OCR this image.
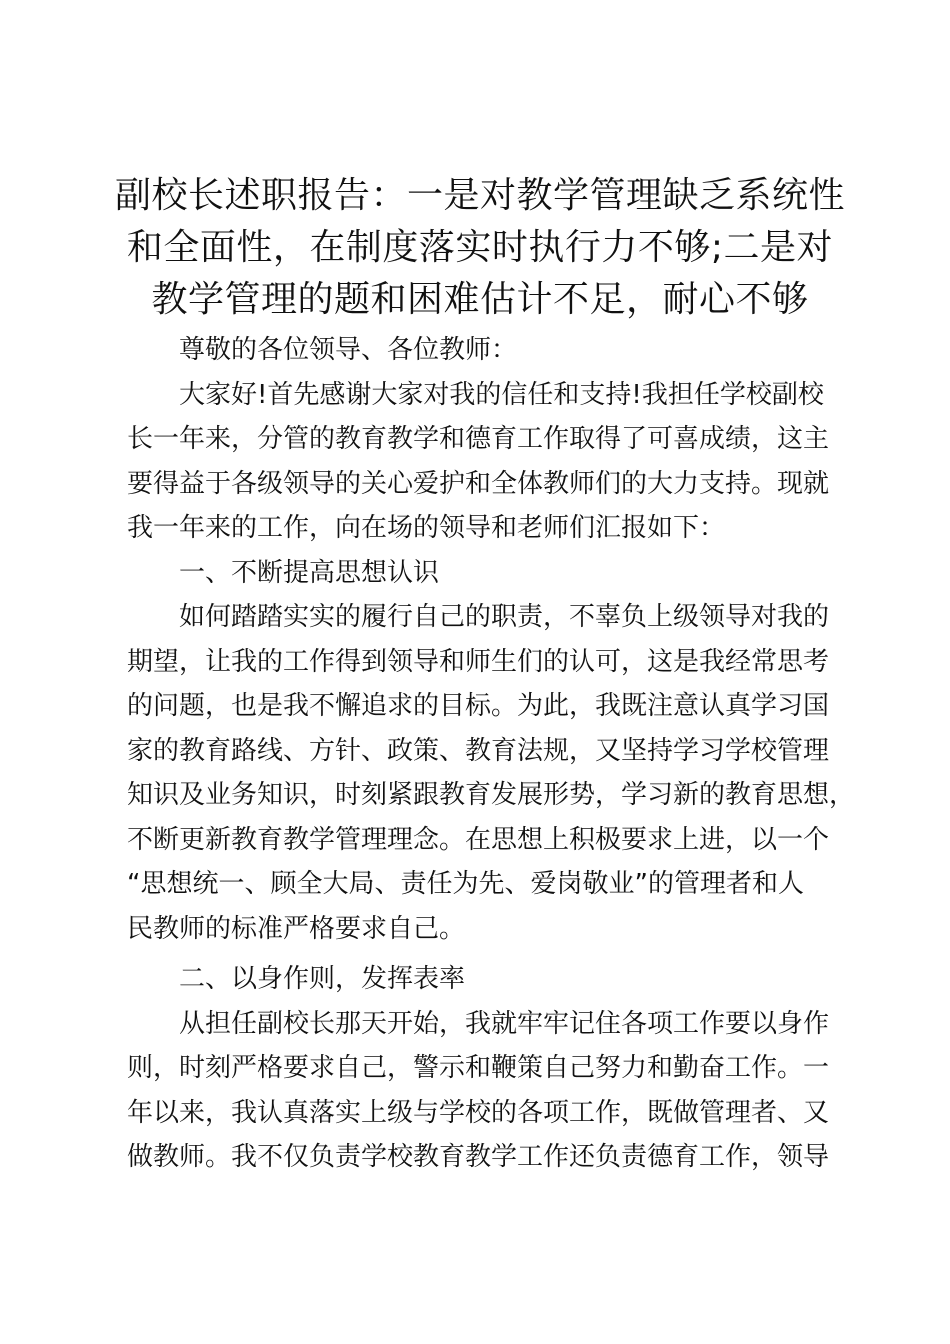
副校长述职报告：一是对教学管理缺乏系统性
和全面性，在制度落实时执行力不够;二是对
教学管理的题和困难估计不足，耐心不够
尊敬的各位领导、各位教师：
大家好!首先感谢大家对我的信任和支持!我担任学校副校
长一年来，分管的教育教学和德育工作取得了可喜成绩，这主
要得益于各级领导的关心爱护和全体教师们的大力支持。现就
我一年来的工作，向在场的领导和老师们汇报如下：
一、不断提高思想认识
如何踏踏实实的履行自己的职责，不辜负上级领导对我的
期望，让我的工作得到领导和师生们的认可，这是我经常思考
的问题，也是我不懈追求的目标。为此，我既注意认真学习国
家的教育路线、方针、政策、教育法规，又坚持学习学校管理
知识及业务知识，时刻紧跟教育发展形势，学习新的教育思想，
不断更新教育教学管理理念。在思想上积极要求上进，以一个
“思想统一、顾全大局、责任为先、爱岗敬业”的管理者和人
民教师的标准严格要求自己。
二、以身作则，发挥表率
从担任副校长那天开始，我就牢牢记住各项工作要以身作
则，时刻严格要求自己，警示和鞭策自己努力和勤奋工作。一
年以来，我认真落实上级与学校的各项工作，既做管理者、又
做教师。我不仅负责学校教育教学工作还负责德育工作，领导
